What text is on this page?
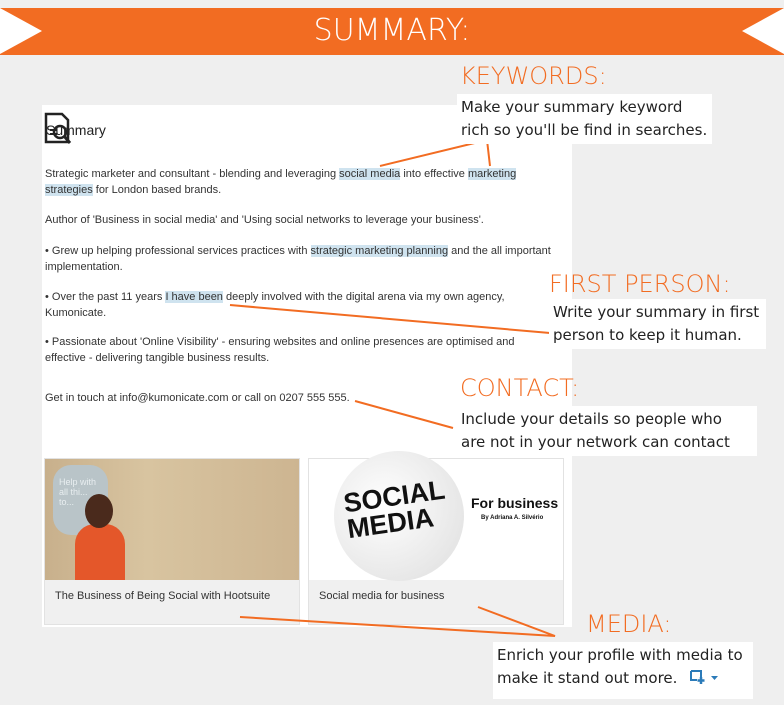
SUMMARY:
Summary
Strategic marketer and consultant - blending and leveraging social media into effective marketing strategies for London based brands.
Author of 'Business in social media' and 'Using social networks to leverage your business'.
• Grew up helping professional services practices with strategic marketing planning and the all important implementation.
• Over the past 11 years I have been deeply involved with the digital arena via my own agency, Kumonicate.
• Passionate about 'Online Visibility' - ensuring websites and online presences are optimised and effective - delivering tangible business results.
Get in touch at info@kumonicate.com or call on 0207 555 555.
Help with all thi... to...
The Business of Being Social with Hootsuite
SOCIAL MEDIA	For business
By Adriana A. Silvério
Social media for business
KEYWORDS:
Make your summary keyword
rich so you'll be find in searches.
FIRST PERSON:
Write your summary in first
person to keep it human.
CONTACT:
Include your details so people who
are not in your network can contact
MEDIA:
Enrich your profile with media to
make it stand out more.
